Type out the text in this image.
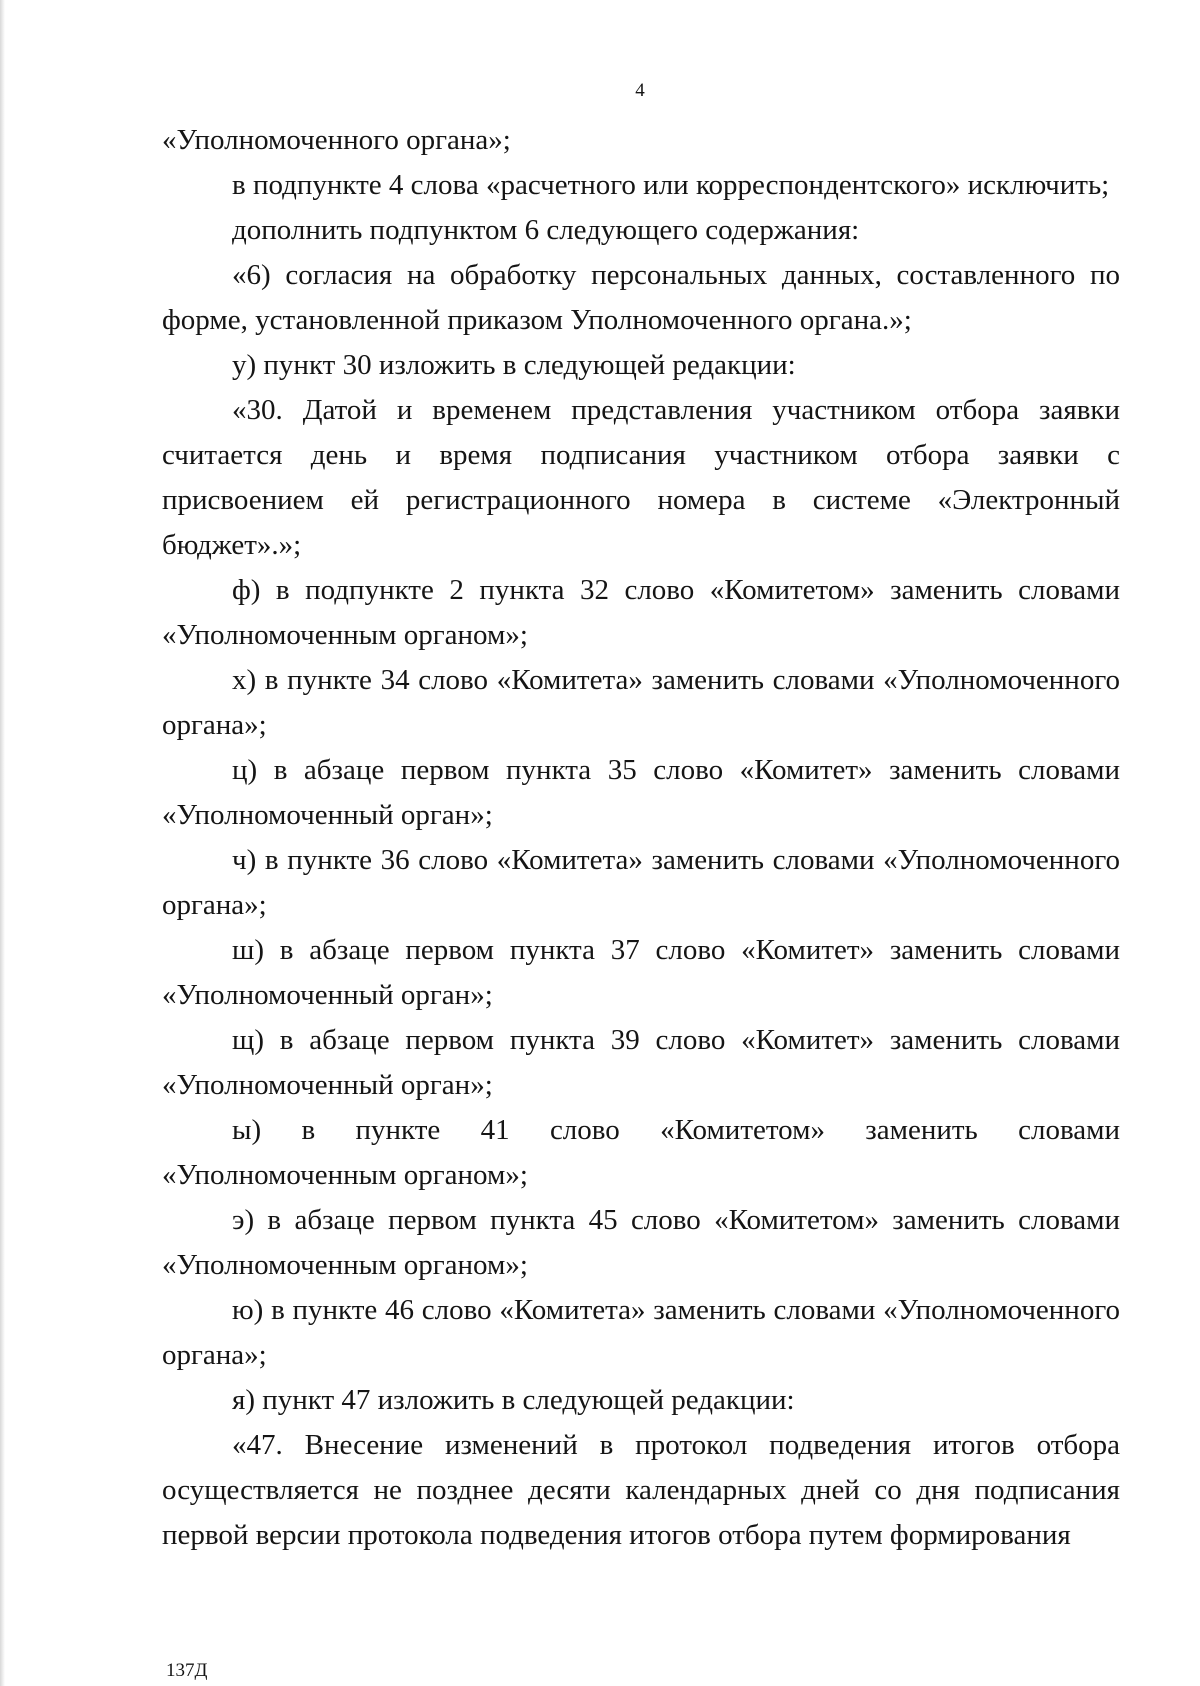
4

«Уполномоченного органа»;

в подпункте 4 слова «расчетного или корреспондентского» исключить;

дополнить подпунктом 6 следующего содержания:

«6) согласия на обработку персональных данных, составленного по форме, установленной приказом Уполномоченного органа.»;

у) пункт 30 изложить в следующей редакции:

«30. Датой и временем представления участником отбора заявки считается день и время подписания участником отбора заявки с присвоением ей регистрационного номера в системе «Электронный бюджет».»;

ф) в подпункте 2 пункта 32 слово «Комитетом» заменить словами «Уполномоченным органом»;

х) в пункте 34 слово «Комитета» заменить словами «Уполномоченного органа»;

ц) в абзаце первом пункта 35 слово «Комитет» заменить словами «Уполномоченный орган»;

ч) в пункте 36 слово «Комитета» заменить словами «Уполномоченного органа»;

ш) в абзаце первом пункта 37 слово «Комитет» заменить словами «Уполномоченный орган»;

щ) в абзаце первом пункта 39 слово «Комитет» заменить словами «Уполномоченный орган»;

ы) в пункте 41 слово «Комитетом» заменить словами «Уполномоченным органом»;

э) в абзаце первом пункта 45 слово «Комитетом» заменить словами «Уполномоченным органом»;

ю) в пункте 46 слово «Комитета» заменить словами «Уполномоченного органа»;

я) пункт 47 изложить в следующей редакции:

«47. Внесение изменений в протокол подведения итогов отбора осуществляется не позднее десяти календарных дней со дня подписания первой версии протокола подведения итогов отбора путем формирования

137Д
